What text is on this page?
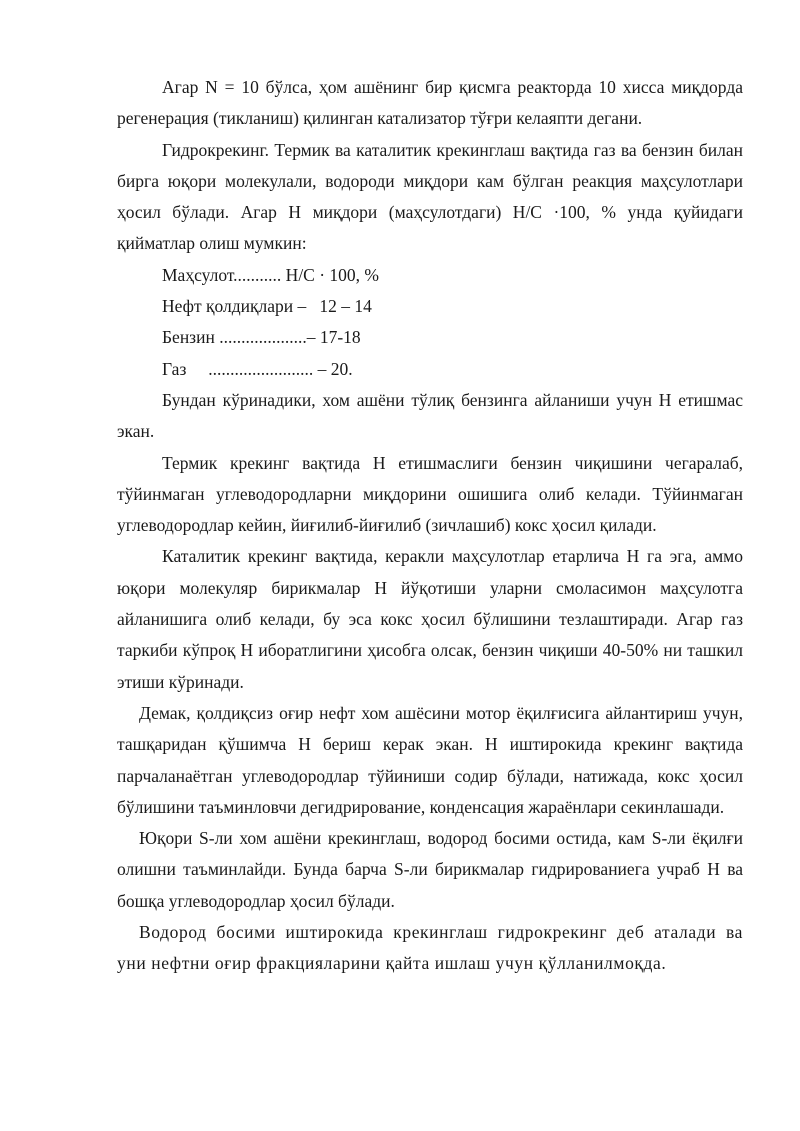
Агар N = 10 бўлса, ҳом ашёнинг бир қисмга реакторда 10 хисса миқдорда регенерация (тикланиш) қилинган катализатор тўғри келаяпти дегани.

Гидрокрекинг. Термик ва каталитик крекинглаш вақтида газ ва бензин билан бирга юқори молекулали, водороди миқдори кам бўлган реакция маҳсулотлари ҳосил бўлади. Агар Н миқдори (маҳсулотдаги) Н/С ·100, % унда қуйидаги қийматлар олиш мумкин:

Маҳсулот........... Н/С · 100, %

Нефт қолдиқлари –   12 – 14

Бензин ....................– 17-18

Газ     ........................ – 20.

Бундан кўринадики, хом ашёни тўлиқ бензинга айланиши учун Н етишмас экан.

Термик крекинг вақтида Н етишмаслиги бензин чиқишини чегаралаб, тўйинмаган углеводородларни миқдорини ошишига олиб келади. Тўйинмаган углеводородлар кейин, йиғилиб-йиғилиб (зичлашиб) кокс ҳосил қилади.

Каталитик крекинг вақтида, керакли маҳсулотлар етарлича Н га эга, аммо юқори молекуляр бирикмалар Н йўқотиши уларни смоласимон маҳсулотга айланишига олиб келади, бу эса кокс ҳосил бўлишини тезлаштиради. Агар газ таркиби кўпроқ Н иборатлигини ҳисобга олсак, бензин чиқиши 40-50% ни ташкил этиши кўринади.

Демак, қолдиқсиз оғир нефт хом ашёсини мотор ёқилғисига айлантириш учун, ташқаридан қўшимча Н бериш керак экан. Н иштирокида крекинг вақтида парчаланаётган углеводородлар тўйиниши содир бўлади, натижада, кокс ҳосил бўлишини таъминловчи дегидрирование, конденсация жараёнлари секинлашади.

Юқори S-ли хом ашёни крекинглаш, водород босими остида, кам S-ли ёқилғи олишни таъминлайди. Бунда барча S-ли бирикмалар гидрированиега учраб Н ва бошқа углеводородлар ҳосил бўлади.

Водород босими иштирокида крекинглаш гидрокрекинг деб аталади ва уни нефтни оғир фракцияларини қайта ишлаш учун қўлланилмоқда.
